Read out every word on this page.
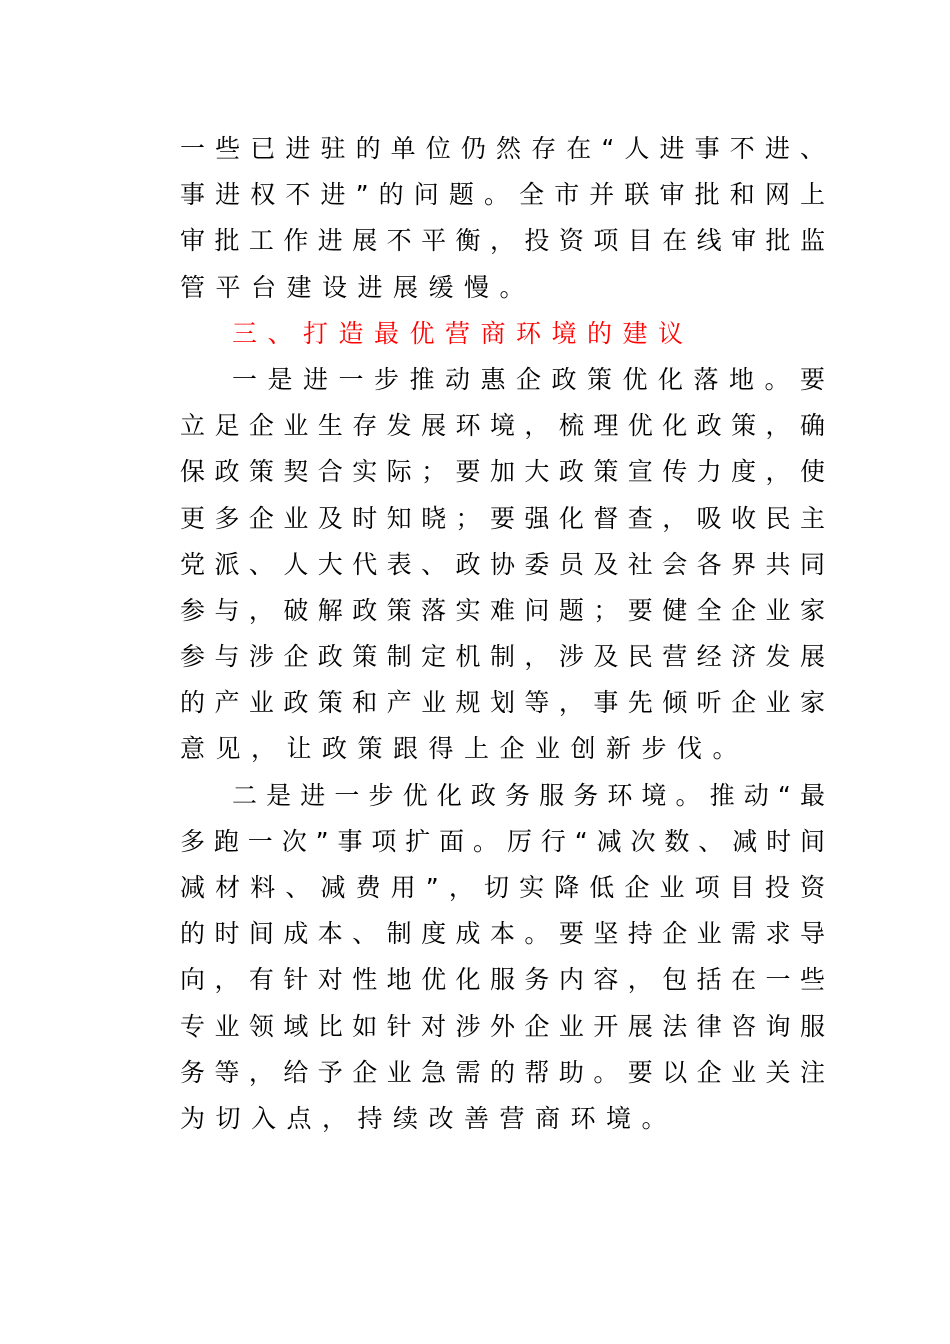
一些已进驻的单位仍然存在“人进事不进、
事进权不进”的问题。全市并联审批和网上
审批工作进展不平衡，投资项目在线审批监
管平台建设进展缓慢。
三、打造最优营商环境的建议
一是进一步推动惠企政策优化落地。要
立足企业生存发展环境，梳理优化政策，确
保政策契合实际；要加大政策宣传力度，使
更多企业及时知晓；要强化督查，吸收民主
党派、人大代表、政协委员及社会各界共同
参与，破解政策落实难问题；要健全企业家
参与涉企政策制定机制，涉及民营经济发展
的产业政策和产业规划等，事先倾听企业家
意见，让政策跟得上企业创新步伐。
二是进一步优化政务服务环境。推动“最
多跑一次”事项扩面。厉行“减次数、减时间
减材料、减费用”，切实降低企业项目投资
的时间成本、制度成本。要坚持企业需求导
向，有针对性地优化服务内容，包括在一些
专业领域比如针对涉外企业开展法律咨询服
务等，给予企业急需的帮助。要以企业关注
为切入点，持续改善营商环境。
